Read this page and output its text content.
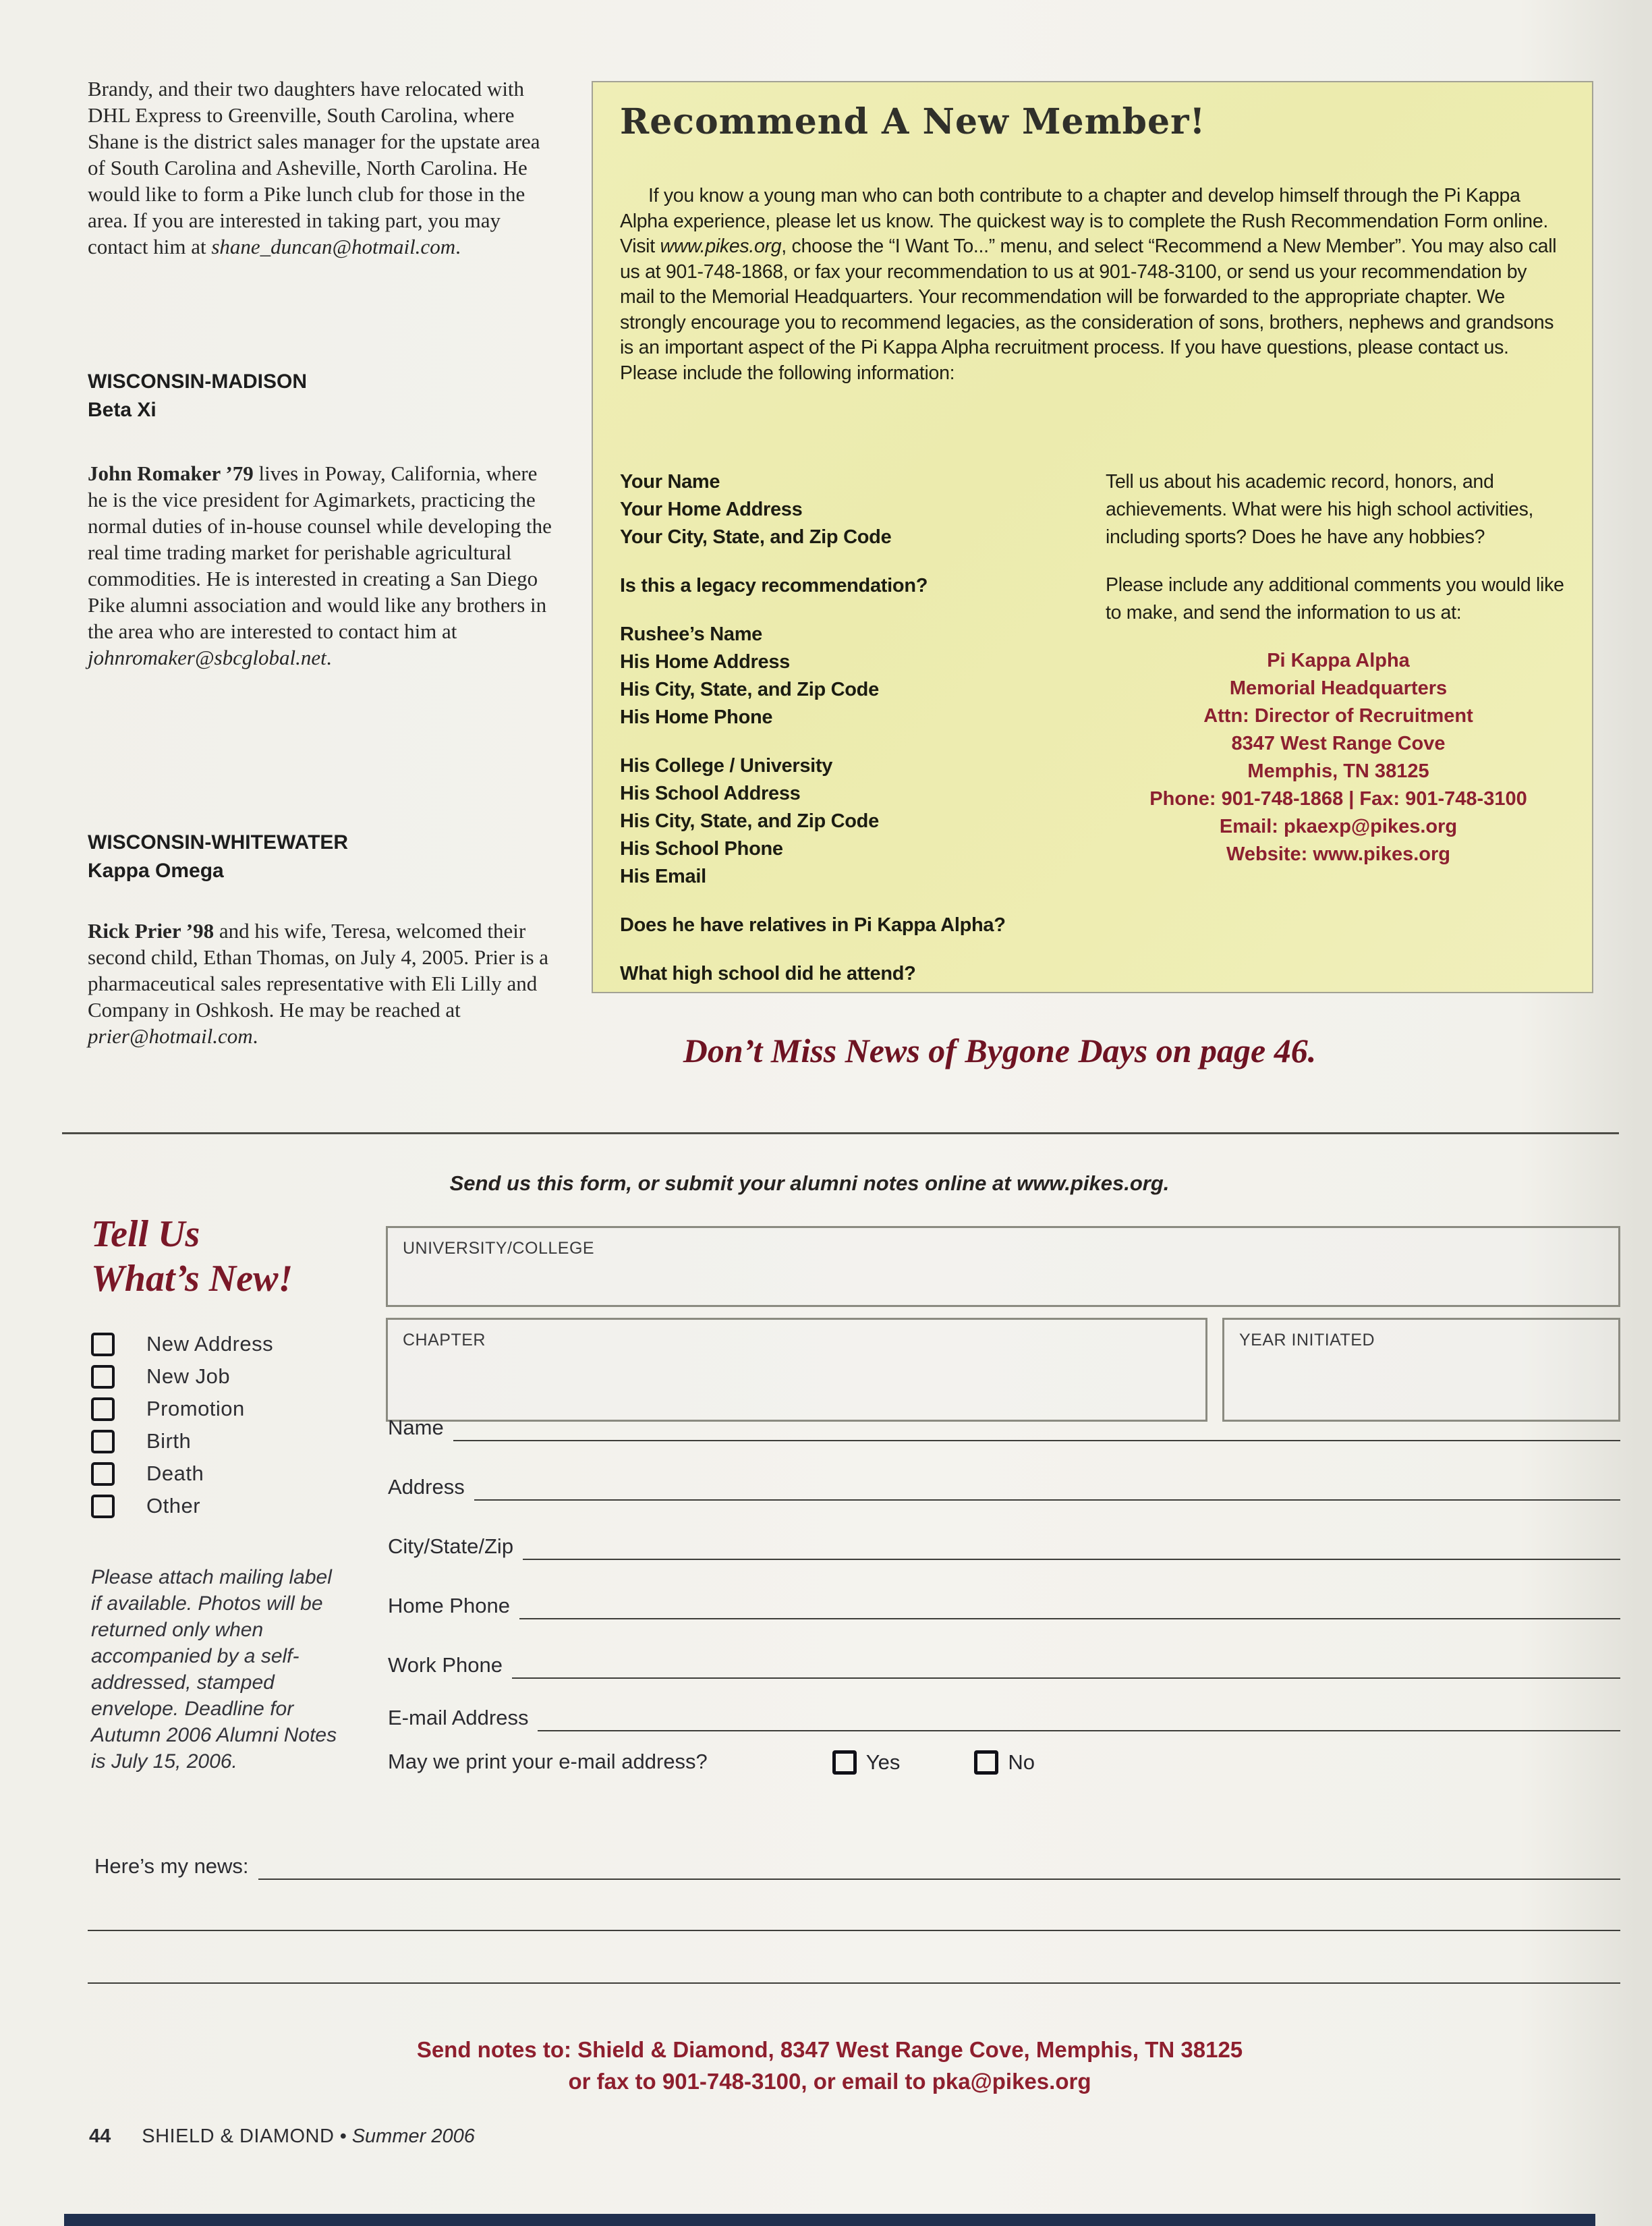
Brandy, and their two daughters have relocated with DHL Express to Greenville, South Carolina, where Shane is the district sales manager for the upstate area of South Carolina and Asheville, North Carolina. He would like to form a Pike lunch club for those in the area. If you are interested in taking part, you may contact him at shane_duncan@hotmail.com.

WISCONSIN-MADISON
Beta Xi

John Romaker ’79 lives in Poway, California, where he is the vice president for Agimarkets, practicing the normal duties of in-house counsel while developing the real time trading market for perishable agricultural commodities. He is interested in creating a San Diego Pike alumni association and would like any brothers in the area who are interested to contact him at johnromaker@sbcglobal.net.

WISCONSIN-WHITEWATER
Kappa Omega

Rick Prier ’98 and his wife, Teresa, welcomed their second child, Ethan Thomas, on July 4, 2005. Prier is a pharmaceutical sales representative with Eli Lilly and Company in Oshkosh. He may be reached at prier@hotmail.com.

Recommend A New Member!

If you know a young man who can both contribute to a chapter and develop himself through the Pi Kappa Alpha experience, please let us know. The quickest way is to complete the Rush Recommendation Form online. Visit www.pikes.org, choose the “I Want To...” menu, and select “Recommend a New Member”. You may also call us at 901-748-1868, or fax your recommendation to us at 901-748-3100, or send us your recommendation by mail to the Memorial Headquarters. Your recommendation will be forwarded to the appropriate chapter. We strongly encourage you to recommend legacies, as the consideration of sons, brothers, nephews and grandsons is an important aspect of the Pi Kappa Alpha recruitment process. If you have questions, please contact us. Please include the following information:

Your Name
Your Home Address
Your City, State, and Zip Code
Is this a legacy recommendation?
Rushee’s Name
His Home Address
His City, State, and Zip Code
His Home Phone
His College / University
His School Address
His City, State, and Zip Code
His School Phone
His Email
Does he have relatives in Pi Kappa Alpha?
What high school did he attend?

Tell us about his academic record, honors, and achievements. What were his high school activities, including sports? Does he have any hobbies?

Please include any additional comments you would like to make, and send the information to us at:

Pi Kappa Alpha
Memorial Headquarters
Attn: Director of Recruitment
8347 West Range Cove
Memphis, TN 38125
Phone: 901-748-1868 | Fax: 901-748-3100
Email: pkaexp@pikes.org
Website: www.pikes.org
Don’t Miss News of Bygone Days on page 46.
Send us this form, or submit your alumni notes online at www.pikes.org.
Tell Us
What’s New!
New Address
New Job
Promotion
Birth
Death
Other

Please attach mailing label if available. Photos will be returned only when accompanied by a self-addressed, stamped envelope. Deadline for Autumn 2006 Alumni Notes is July 15, 2006.

UNIVERSITY/COLLEGE
CHAPTER	YEAR INITIATED
Name
Address
City/State/Zip
Home Phone
Work Phone
E-mail Address
May we print your e-mail address?	Yes	No
Here’s my news:
Send notes to: Shield & Diamond, 8347 West Range Cove, Memphis, TN 38125
or fax to 901-748-3100, or email to pka@pikes.org
44 SHIELD & DIAMOND • Summer 2006
